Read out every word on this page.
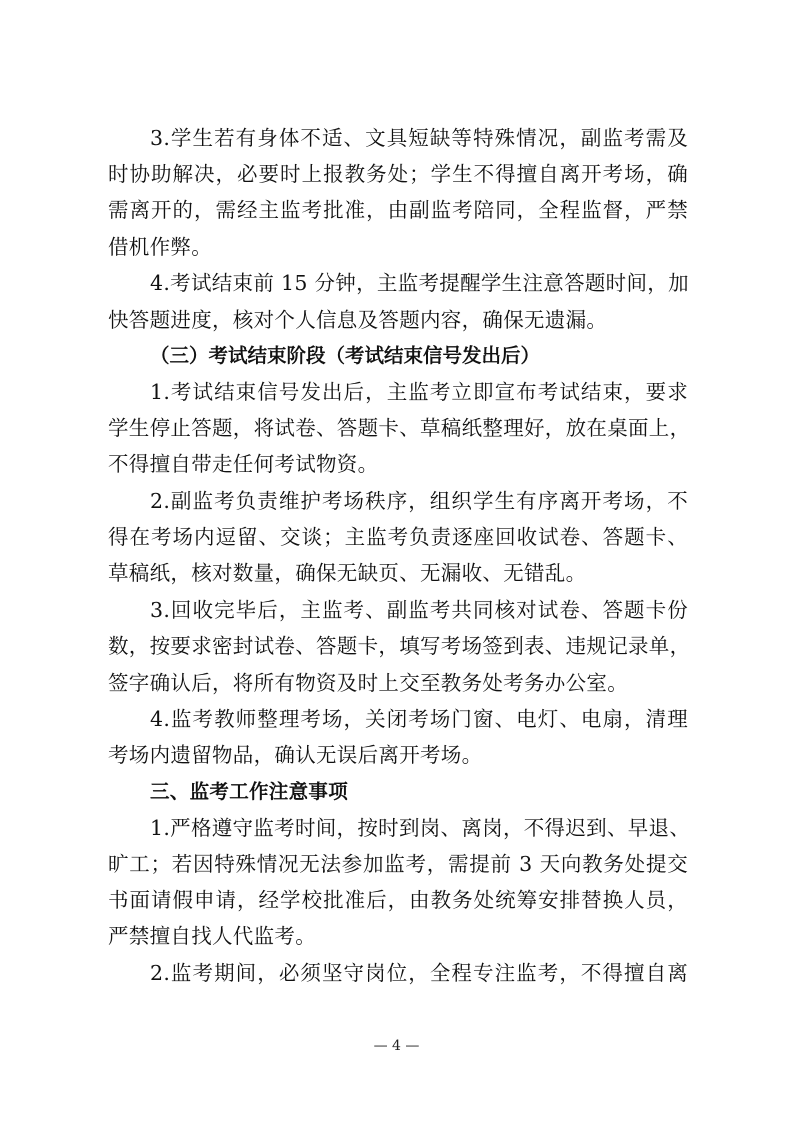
3.学生若有身体不适、文具短缺等特殊情况，副监考需及

时协助解决，必要时上报教务处；学生不得擅自离开考场，确

需离开的，需经主监考批准，由副监考陪同，全程监督，严禁

借机作弊。

4.考试结束前 15 分钟，主监考提醒学生注意答题时间，加

快答题进度，核对个人信息及答题内容，确保无遗漏。

（三）考试结束阶段（考试结束信号发出后）

1.考试结束信号发出后，主监考立即宣布考试结束，要求

学生停止答题，将试卷、答题卡、草稿纸整理好，放在桌面上，

不得擅自带走任何考试物资。

2.副监考负责维护考场秩序，组织学生有序离开考场，不

得在考场内逗留、交谈；主监考负责逐座回收试卷、答题卡、

草稿纸，核对数量，确保无缺页、无漏收、无错乱。

3.回收完毕后，主监考、副监考共同核对试卷、答题卡份

数，按要求密封试卷、答题卡，填写考场签到表、违规记录单，

签字确认后，将所有物资及时上交至教务处考务办公室。

4.监考教师整理考场，关闭考场门窗、电灯、电扇，清理

考场内遗留物品，确认无误后离开考场。

三、监考工作注意事项

1.严格遵守监考时间，按时到岗、离岗，不得迟到、早退、

旷工；若因特殊情况无法参加监考，需提前 3 天向教务处提交

书面请假申请，经学校批准后，由教务处统筹安排替换人员，

严禁擅自找人代监考。

2.监考期间，必须坚守岗位，全程专注监考，不得擅自离

— 4 —
